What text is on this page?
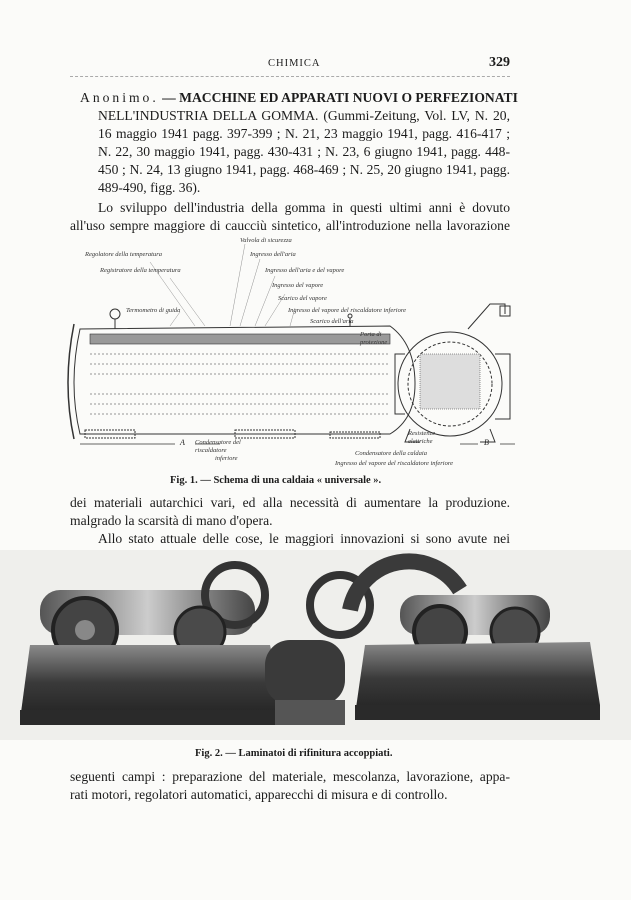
CHIMICA	329
Anonimo. — MACCHINE ED APPARATI NUOVI O PERFEZIONATI
NELL'INDUSTRIA DELLA GOMMA. (Gummi-Zeitung, Vol. LV, N. 20,
16 maggio 1941 pagg. 397-399 ; N. 21, 23 maggio 1941, pagg. 416-417 ;
N. 22, 30 maggio 1941, pagg. 430-431 ; N. 23, 6 giugno 1941, pagg. 448-
450 ; N. 24, 13 giugno 1941, pagg. 468-469 ; N. 25, 20 giugno 1941, pagg.
489-490, figg. 36).
Lo sviluppo dell'industria della gomma in questi ultimi anni è dovuto
all'uso sempre maggiore di caucciù sintetico, all'introduzione nella lavorazione
Valvola di sicurezza
Regolatore della temperatura	Ingresso dell'aria
Registratore della temperatura	Ingresso dell'aria e del vapore
Ingresso del vapore
Scarico del vapore
Termometro di guida	Ingresso del vapore del riscaldatore inferiore
Scarico dell'aria
Porta di
protezione
Condensatore del
riscaldatore
inferiore
A
Resistenze
elettriche	B
Condensatore della caldaia
Ingresso del vapore del riscaldatore inferiore
Fig. 1. — Schema di una caldaia « universale ».
dei materiali autarchici vari, ed alla necessità di aumentare la produzione.
malgrado la scarsità di mano d'opera.
Allo stato attuale delle cose, le maggiori innovazioni si sono avute nei
Fig. 2. — Laminatoi di rifinitura accoppiati.
seguenti campi : preparazione del materiale, mescolanza, lavorazione, appa-
rati motori, regolatori automatici, apparecchi di misura e di controllo.
